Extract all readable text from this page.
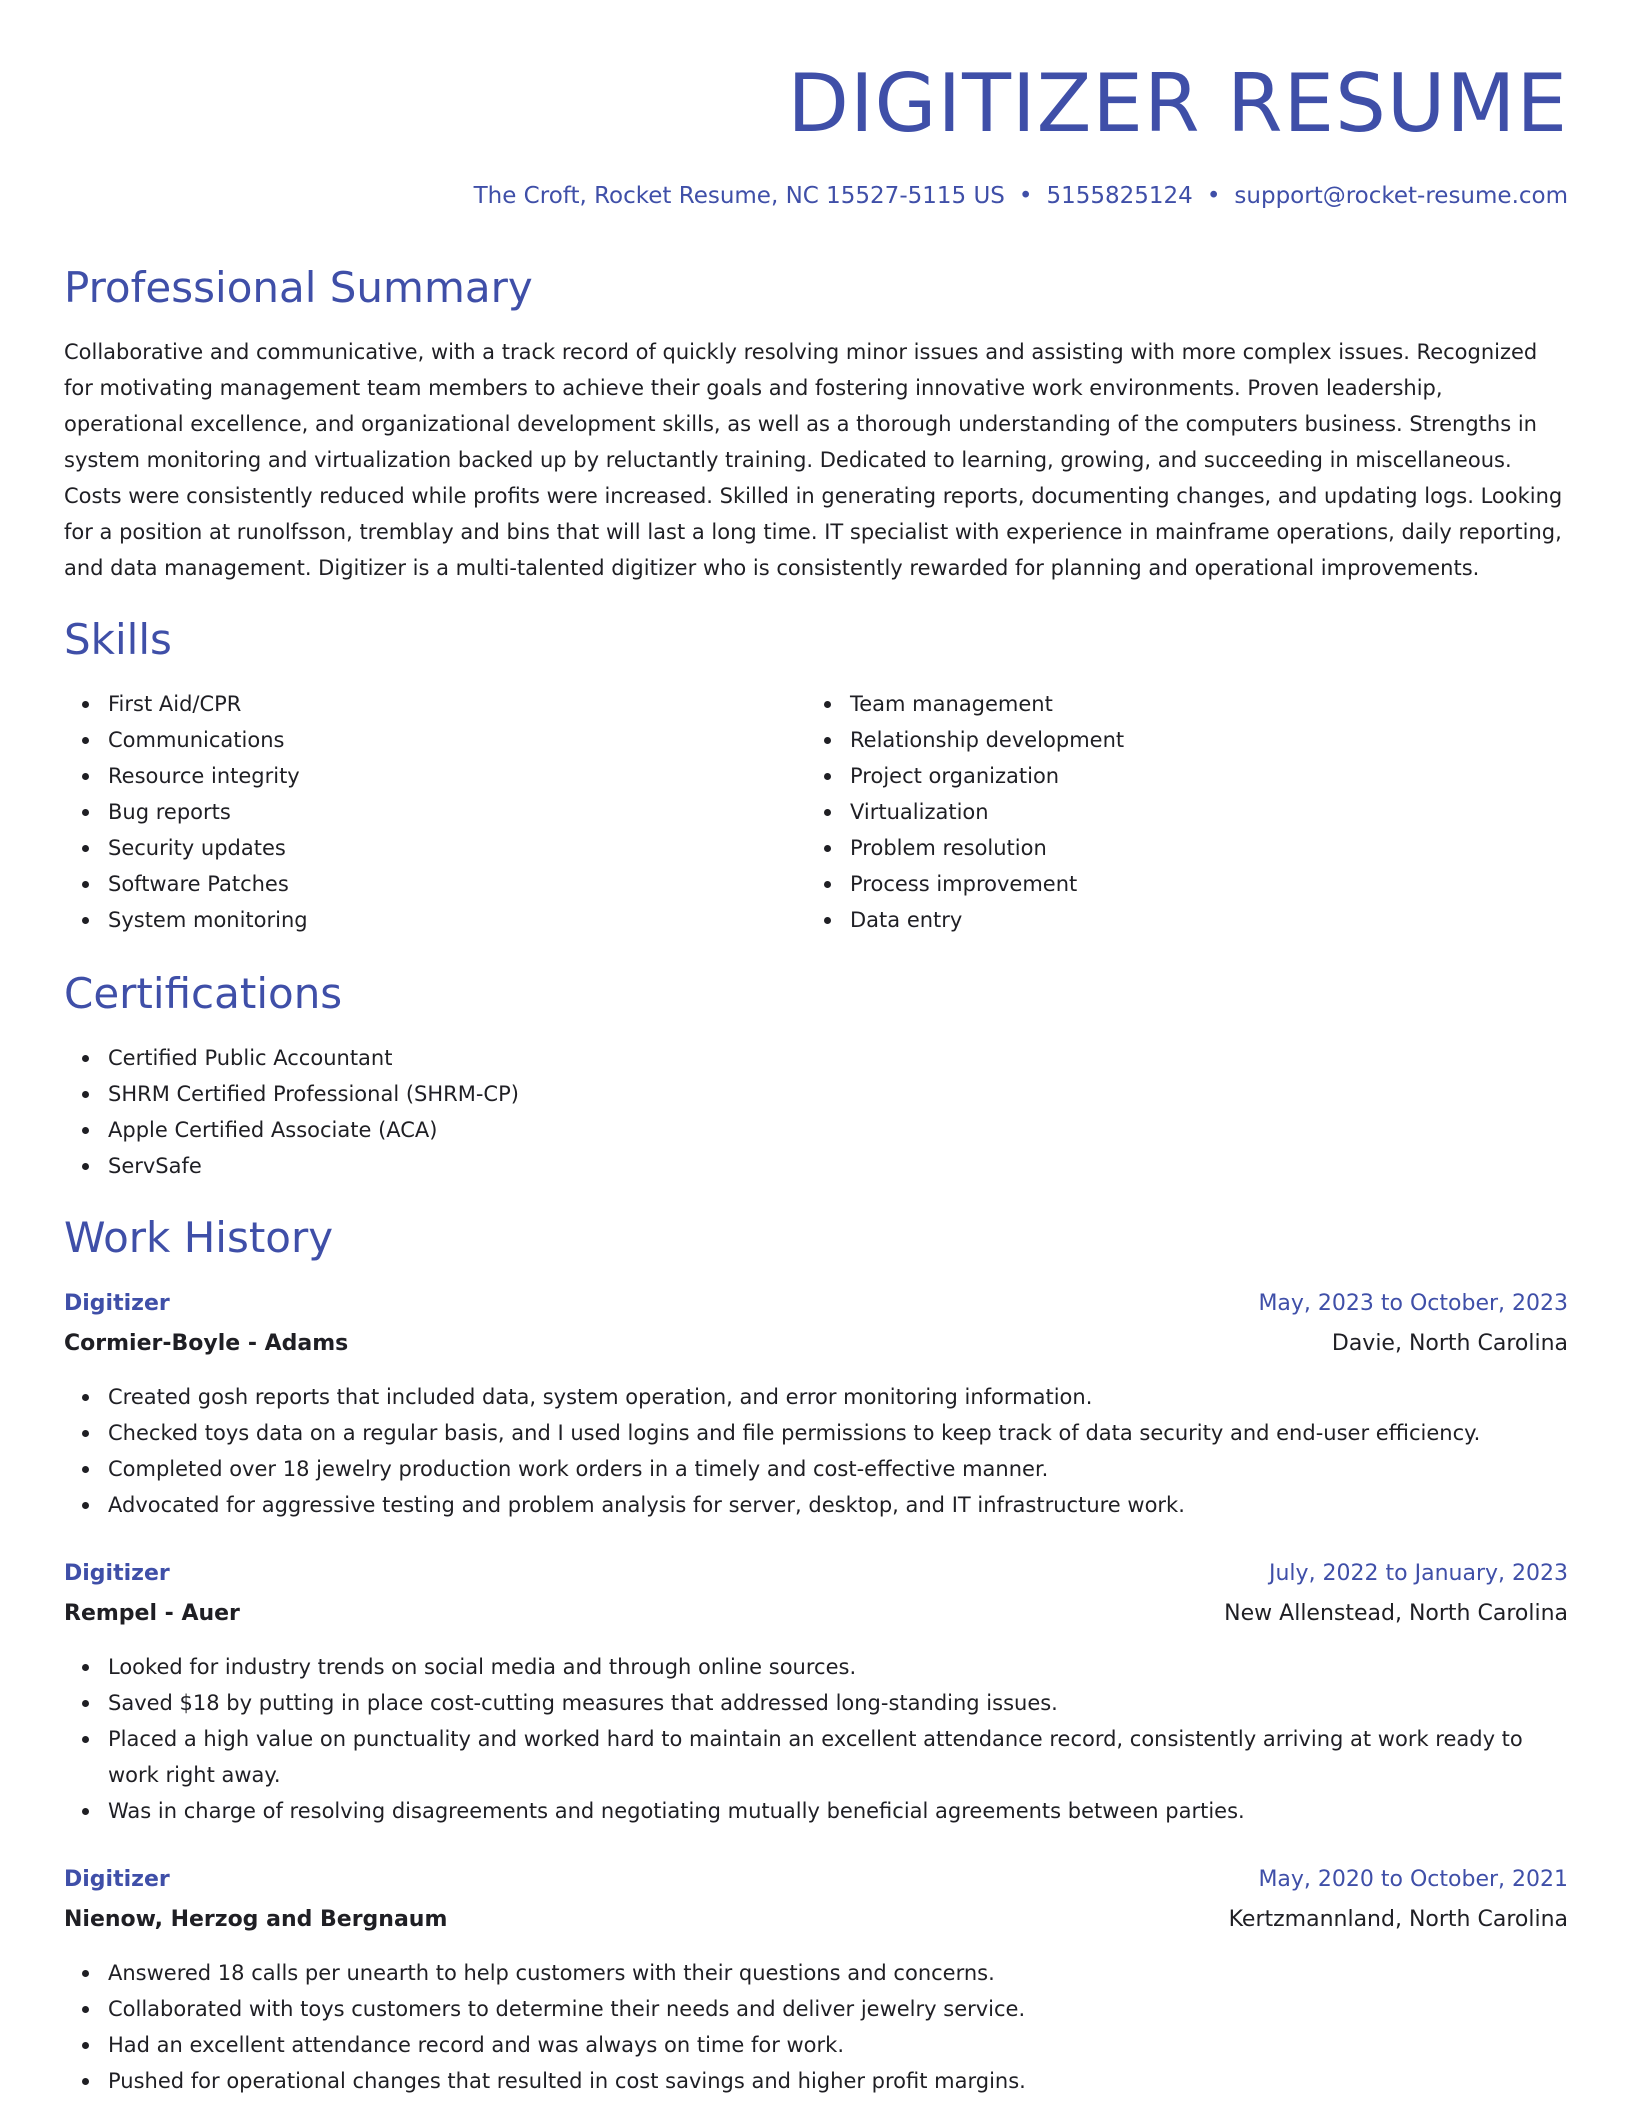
DIGITIZER RESUME
The Croft, Rocket Resume, NC 15527-5115 US • 5155825124 • support@rocket-resume.com
Professional Summary

Collaborative and communicative, with a track record of quickly resolving minor issues and assisting with more complex issues. Recognized for motivating management team members to achieve their goals and fostering innovative work environments. Proven leadership, operational excellence, and organizational development skills, as well as a thorough understanding of the computers business. Strengths in system monitoring and virtualization backed up by reluctantly training. Dedicated to learning, growing, and succeeding in miscellaneous. Costs were consistently reduced while profits were increased. Skilled in generating reports, documenting changes, and updating logs. Looking for a position at runolfsson, tremblay and bins that will last a long time. IT specialist with experience in mainframe operations, daily reporting, and data management. Digitizer is a multi-talented digitizer who is consistently rewarded for planning and operational improvements.

Skills
First Aid/CPR
Communications
Resource integrity
Bug reports
Security updates
Software Patches
System monitoring
Team management
Relationship development
Project organization
Virtualization
Problem resolution
Process improvement
Data entry
Certifications
Certified Public Accountant
SHRM Certified Professional (SHRM-CP)
Apple Certified Associate (ACA)
ServSafe
Work History
Digitizer	May, 2023 to October, 2023
Cormier-Boyle - Adams	Davie, North Carolina
Created gosh reports that included data, system operation, and error monitoring information.
Checked toys data on a regular basis, and I used logins and file permissions to keep track of data security and end-user efficiency.
Completed over 18 jewelry production work orders in a timely and cost-effective manner.
Advocated for aggressive testing and problem analysis for server, desktop, and IT infrastructure work.
Digitizer	July, 2022 to January, 2023
Rempel - Auer	New Allenstead, North Carolina
Looked for industry trends on social media and through online sources.
Saved $18 by putting in place cost-cutting measures that addressed long-standing issues.
Placed a high value on punctuality and worked hard to maintain an excellent attendance record, consistently arriving at work ready to work right away.
Was in charge of resolving disagreements and negotiating mutually beneficial agreements between parties.
Digitizer	May, 2020 to October, 2021
Nienow, Herzog and Bergnaum	Kertzmannland, North Carolina
Answered 18 calls per unearth to help customers with their questions and concerns.
Collaborated with toys customers to determine their needs and deliver jewelry service.
Had an excellent attendance record and was always on time for work.
Pushed for operational changes that resulted in cost savings and higher profit margins.
